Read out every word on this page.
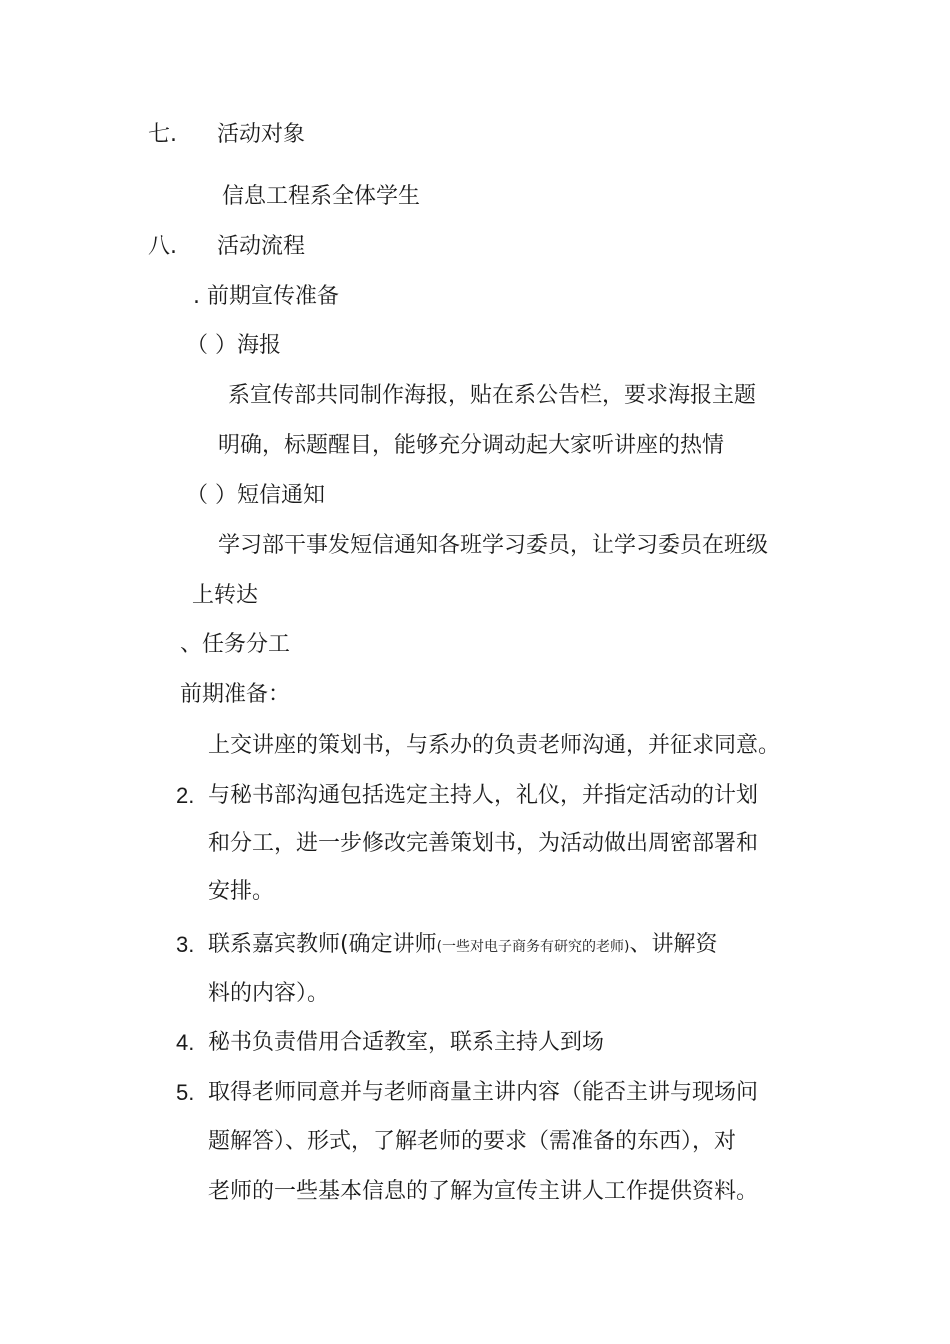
七. 活动对象
信息工程系全体学生
八. 活动流程
. 前期宣传准备
（ ）海报
系宣传部共同制作海报，贴在系公告栏，要求海报主题
明确，标题醒目，能够充分调动起大家听讲座的热情
（ ）短信通知
学习部干事发短信通知各班学习委员，让学习委员在班级
上转达
、任务分工
前期准备：
上交讲座的策划书，与系办的负责老师沟通，并征求同意。
2. 与秘书部沟通包括选定主持人，礼仪，并指定活动的计划
和分工，进一步修改完善策划书，为活动做出周密部署和
安排。
3. 联系嘉宾教师(确定讲师(一些对电子商务有研究的老师)、讲解资
料的内容）。
4. 秘书负责借用合适教室，联系主持人到场
5. 取得老师同意并与老师商量主讲内容（能否主讲与现场问
题解答）、形式，了解老师的要求（需准备的东西），对
老师的一些基本信息的了解为宣传主讲人工作提供资料。
